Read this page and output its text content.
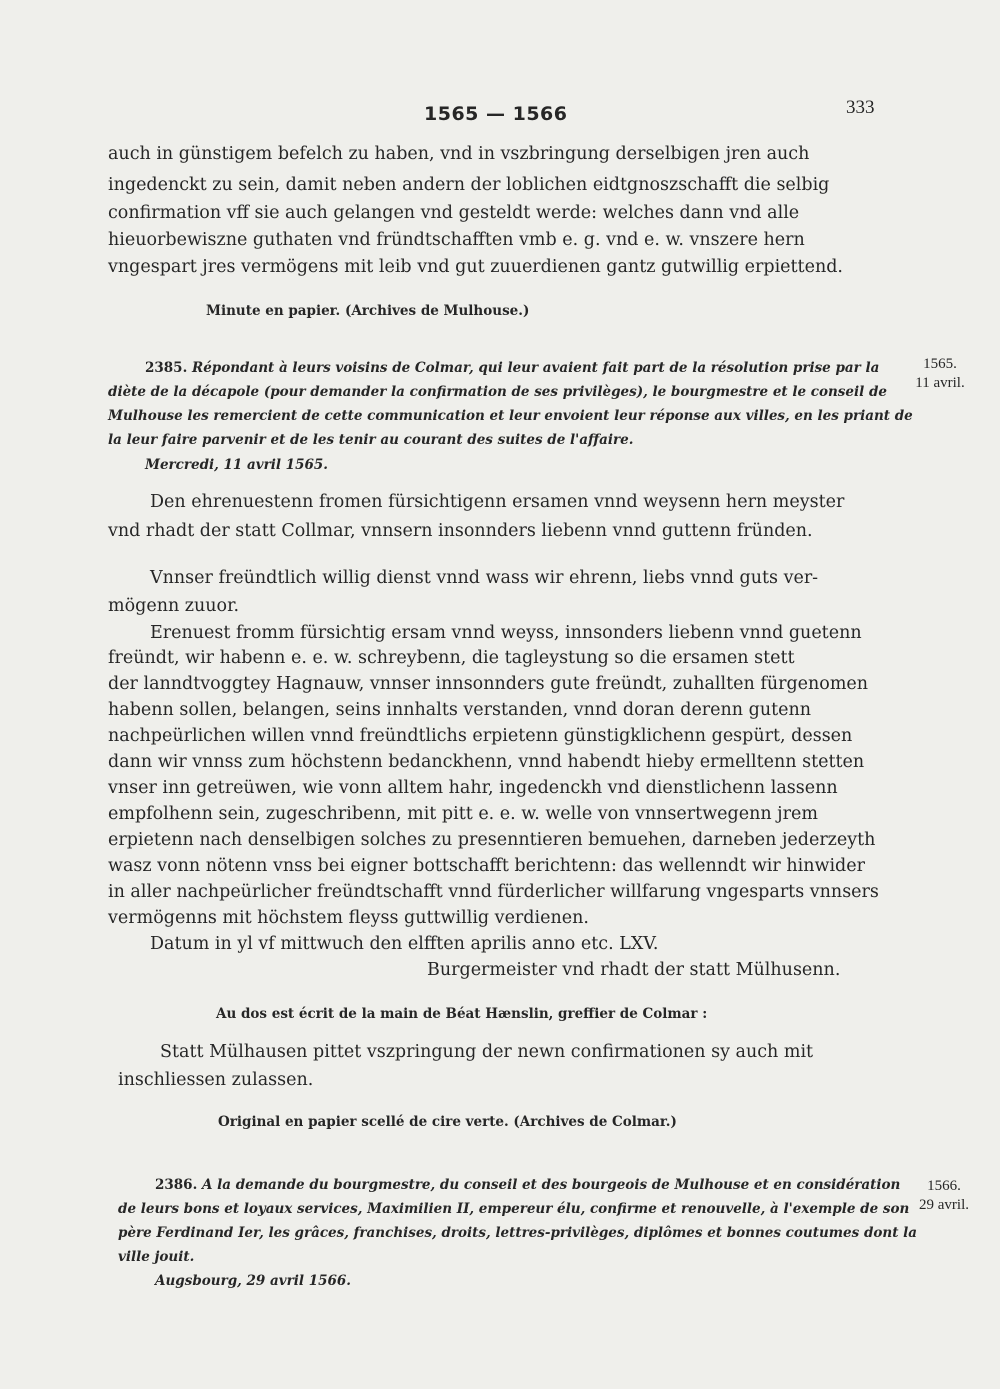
1565 — 1566	333
auch in günstigem befelch zu haben, vnd in vszbringung derselbigen jren auch
ingedenckt zu sein, damit neben andern der loblichen eidtgnoszschafft die selbig
confirmation vff sie auch gelangen vnd gesteldt werde: welches dann vnd alle
hieuorbewiszne guthaten vnd fründtschafften vmb e. g. vnd e. w. vnszere hern
vngespart jres vermögens mit leib vnd gut zuuerdienen gantz gutwillig erpiettend.
Minute en papier. (Archives de Mulhouse.)
2385. Répondant à leurs voisins de Colmar, qui leur avaient fait part de la résolution prise par la
diète de la décapole (pour demander la confirmation de ses privilèges), le bourgmestre et le conseil de
Mulhouse les remercient de cette communication et leur envoient leur réponse aux villes, en les priant de
la leur faire parvenir et de les tenir au courant des suites de l'affaire.
Mercredi, 11 avril 1565.
1565.
11 avril.
Den ehrenuestenn fromen fürsichtigenn ersamen vnnd weysenn hern meyster
vnd rhadt der statt Collmar, vnnsern insonnders liebenn vnnd guttenn fründen.
Vnnser freündtlich willig dienst vnnd wass wir ehrenn, liebs vnnd guts ver-
mögenn zuuor.
Erenuest fromm fürsichtig ersam vnnd weyss, innsonders liebenn vnnd guetenn
freündt, wir habenn e. e. w. schreybenn, die tagleystung so die ersamen stett
der lanndtvoggtey Hagnauw, vnnser innsonnders gute freündt, zuhallten fürgenomen
habenn sollen, belangen, seins innhalts verstanden, vnnd doran derenn gutenn
nachpeürlichen willen vnnd freündtlichs erpietenn günstigklichenn gespürt, dessen
dann wir vnnss zum höchstenn bedanckhenn, vnnd habendt hieby ermelltenn stetten
vnser inn getreüwen, wie vonn alltem hahr, ingedenckh vnd dienstlichenn lassenn
empfolhenn sein, zugeschribenn, mit pitt e. e. w. welle von vnnsertwegenn jrem
erpietenn nach denselbigen solches zu presenntieren bemuehen, darneben jederzeyth
wasz vonn nötenn vnss bei eigner bottschafft berichtenn: das wellenndt wir hinwider
in aller nachpeürlicher freündtschafft vnnd fürderlicher willfarung vngesparts vnnsers
vermögenns mit höchstem fleyss guttwillig verdienen.
Datum in yl vf mittwuch den elfften aprilis anno etc. LXV.
Burgermeister vnd rhadt der statt Mülhusenn.
Au dos est écrit de la main de Béat Hænslin, greffier de Colmar :
Statt Mülhausen pittet vszpringung der newn confirmationen sy auch mit
inschliessen zulassen.
Original en papier scellé de cire verte. (Archives de Colmar.)
2386. A la demande du bourgmestre, du conseil et des bourgeois de Mulhouse et en considération
de leurs bons et loyaux services, Maximilien II, empereur élu, confirme et renouvelle, à l'exemple de son
père Ferdinand Ier, les grâces, franchises, droits, lettres-privilèges, diplômes et bonnes coutumes dont la
ville jouit.
Augsbourg, 29 avril 1566.
1566.
29 avril.
